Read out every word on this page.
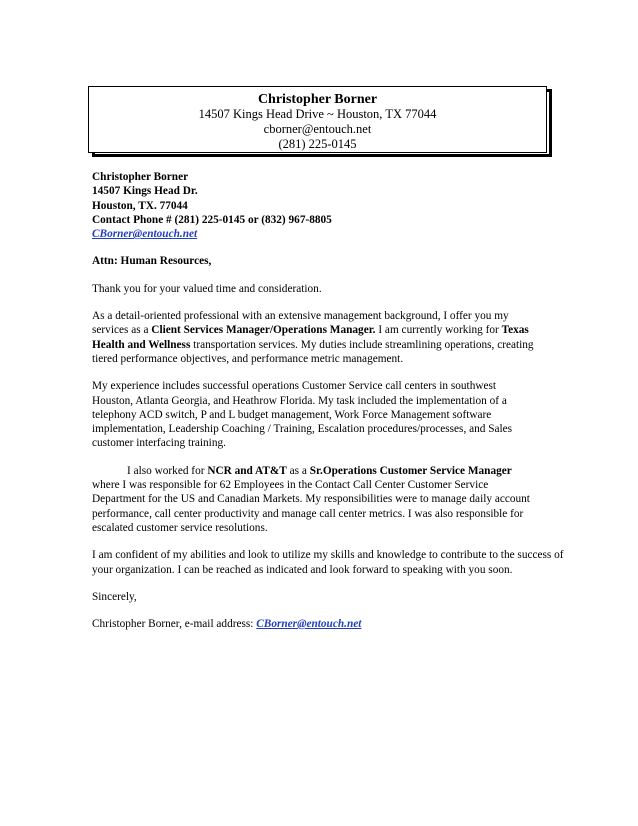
Christopher Borner
14507 Kings Head Drive ~ Houston, TX 77044
cborner@entouch.net
(281) 225-0145
Christopher Borner
14507 Kings Head Dr.
Houston, TX. 77044
Contact Phone # (281) 225-0145 or (832) 967-8805
CBorner@entouch.net
Attn: Human Resources,
Thank you for your valued time and consideration.
As a detail-oriented professional with an extensive management background, I offer you my
services as a Client Services Manager/Operations Manager. I am currently working for Texas
Health and Wellness transportation services. My duties include streamlining operations, creating
tiered performance objectives, and performance metric management.
My experience includes successful operations Customer Service call centers in southwest
Houston, Atlanta Georgia, and Heathrow Florida. My task included the implementation of a
telephony ACD switch, P and L budget management, Work Force Management software
implementation, Leadership Coaching / Training, Escalation procedures/processes, and Sales
customer interfacing training.
I also worked for NCR and AT&T as a Sr.Operations Customer Service Manager
where I was responsible for 62 Employees in the Contact Call Center Customer Service
Department for the US and Canadian Markets. My responsibilities were to manage daily account
performance, call center productivity and manage call center metrics. I was also responsible for
escalated customer service resolutions.
I am confident of my abilities and look to utilize my skills and knowledge to contribute to the success of
your organization. I can be reached as indicated and look forward to speaking with you soon.
Sincerely,
Christopher Borner, e-mail address: CBorner@entouch.net
